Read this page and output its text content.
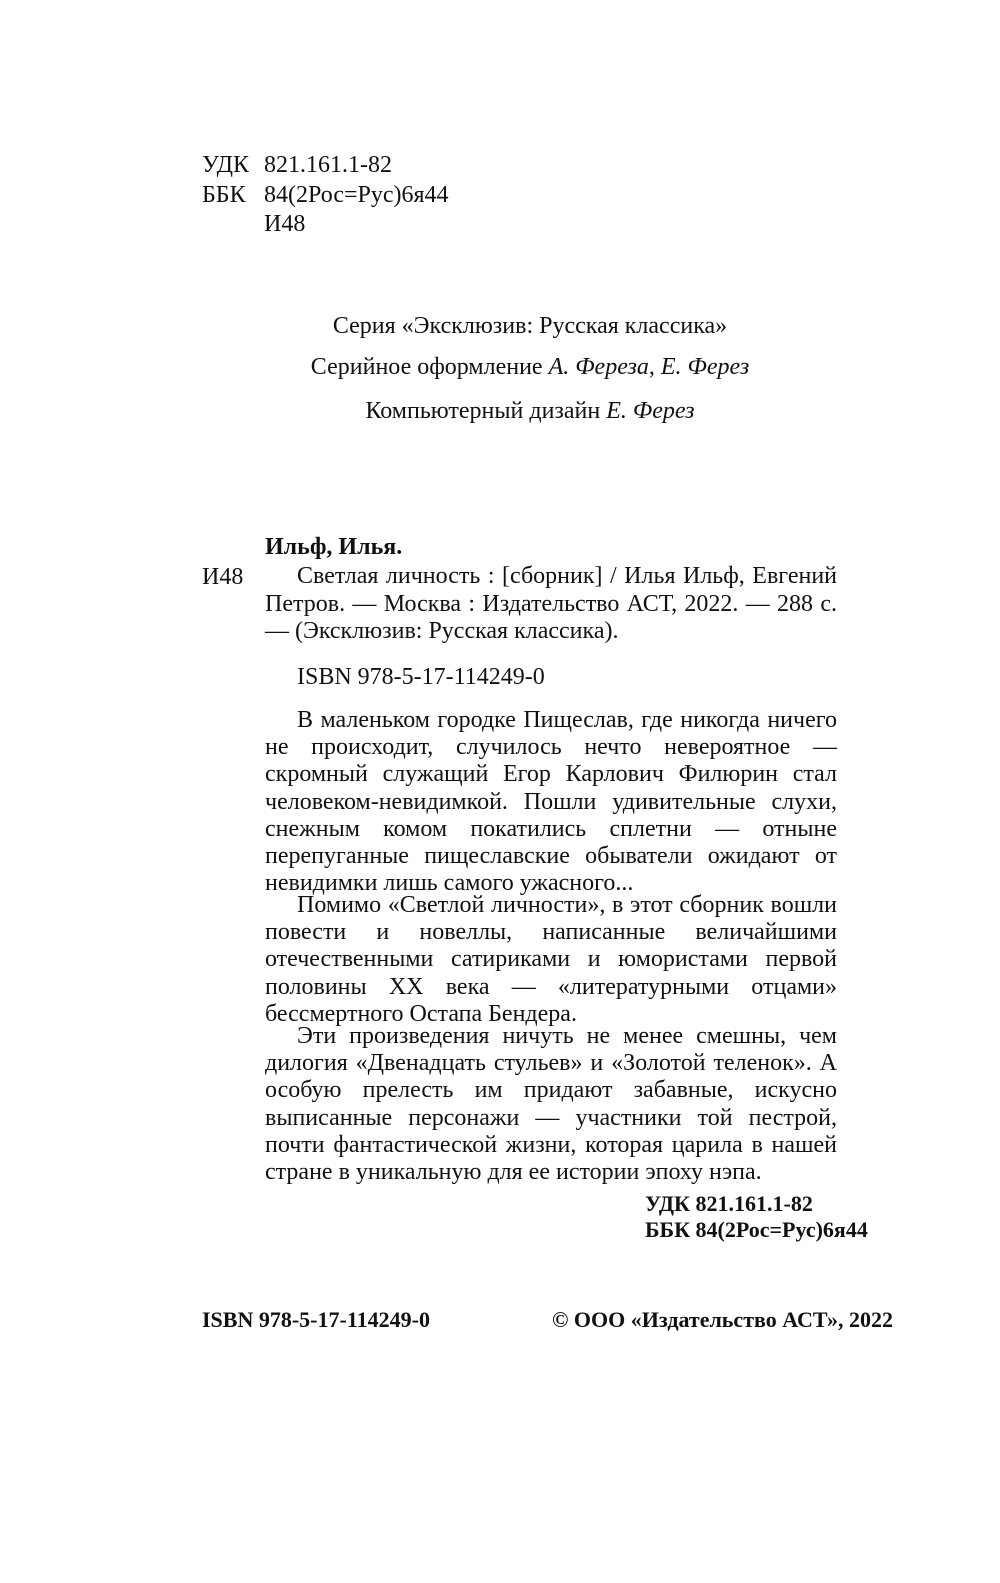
УДК 821.161.1-82
ББК 84(2Рос=Рус)6я44
И48
Серия «Эксклюзив: Русская классика»
Серийное оформление А. Фереза, Е. Ферез
Компьютерный дизайн Е. Ферез
Ильф, Илья.
И48	Светлая личность : [сборник] / Илья Ильф, Евгений Петров. — Москва : Издательство АСТ, 2022. — 288 с. — (Эксклюзив: Русская классика).

ISBN 978-5-17-114249-0

В маленьком городке Пищеслав, где никогда ничего не происходит, случилось нечто невероятное — скромный служащий Егор Карлович Филюрин стал человеком-невидимкой. Пошли удивительные слухи, снежным комом покатились сплетни — отныне перепуганные пищеславские обыватели ожидают от невидимки лишь самого ужасного...

Помимо «Светлой личности», в этот сборник вошли повести и новеллы, написанные величайшими отечественными сатириками и юмористами первой половины XX века — «литературными отцами» бессмертного Остапа Бендера.

Эти произведения ничуть не менее смешны, чем дилогия «Двенадцать стульев» и «Золотой теленок». А особую прелесть им придают забавные, искусно выписанные персонажи — участники той пестрой, почти фантастической жизни, которая царила в нашей стране в уникальную для ее истории эпоху нэпа.

УДК 821.161.1-82
ББК 84(2Рос=Рус)6я44
ISBN 978-5-17-114249-0	© ООО «Издательство АСТ», 2022
